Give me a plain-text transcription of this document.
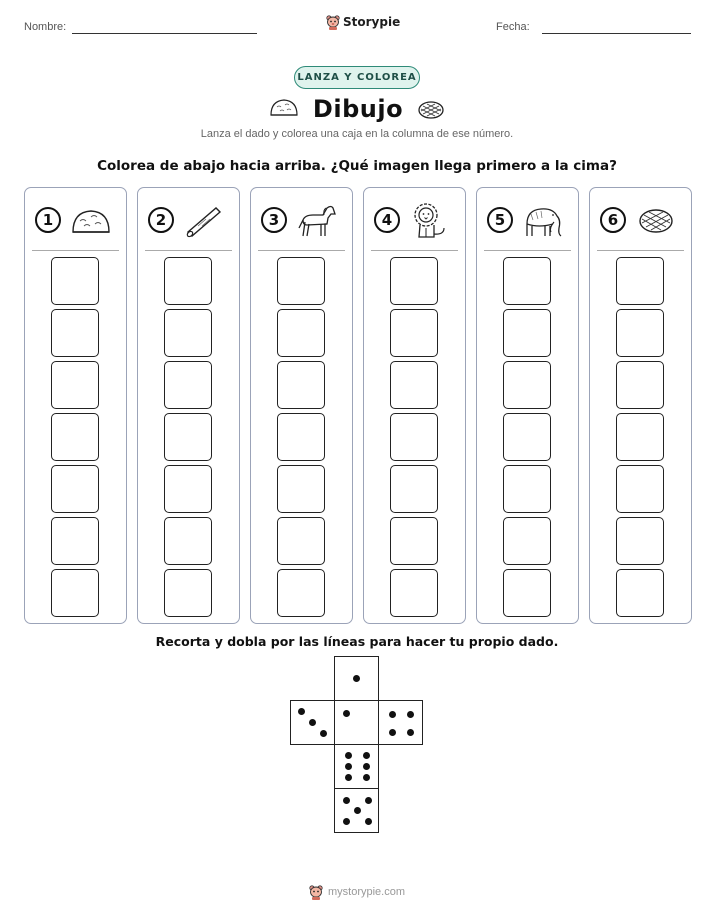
Nombre:	Storypie	Fecha:
LANZA Y COLOREA
Dibujo
Lanza el dado y colorea una caja en la columna de ese número.
Colorea de abajo hacia arriba. ¿Qué imagen llega primero a la cima?
1	2	3	4	5	6
Recorta y dobla por las líneas para hacer tu propio dado.
mystorypie.com
